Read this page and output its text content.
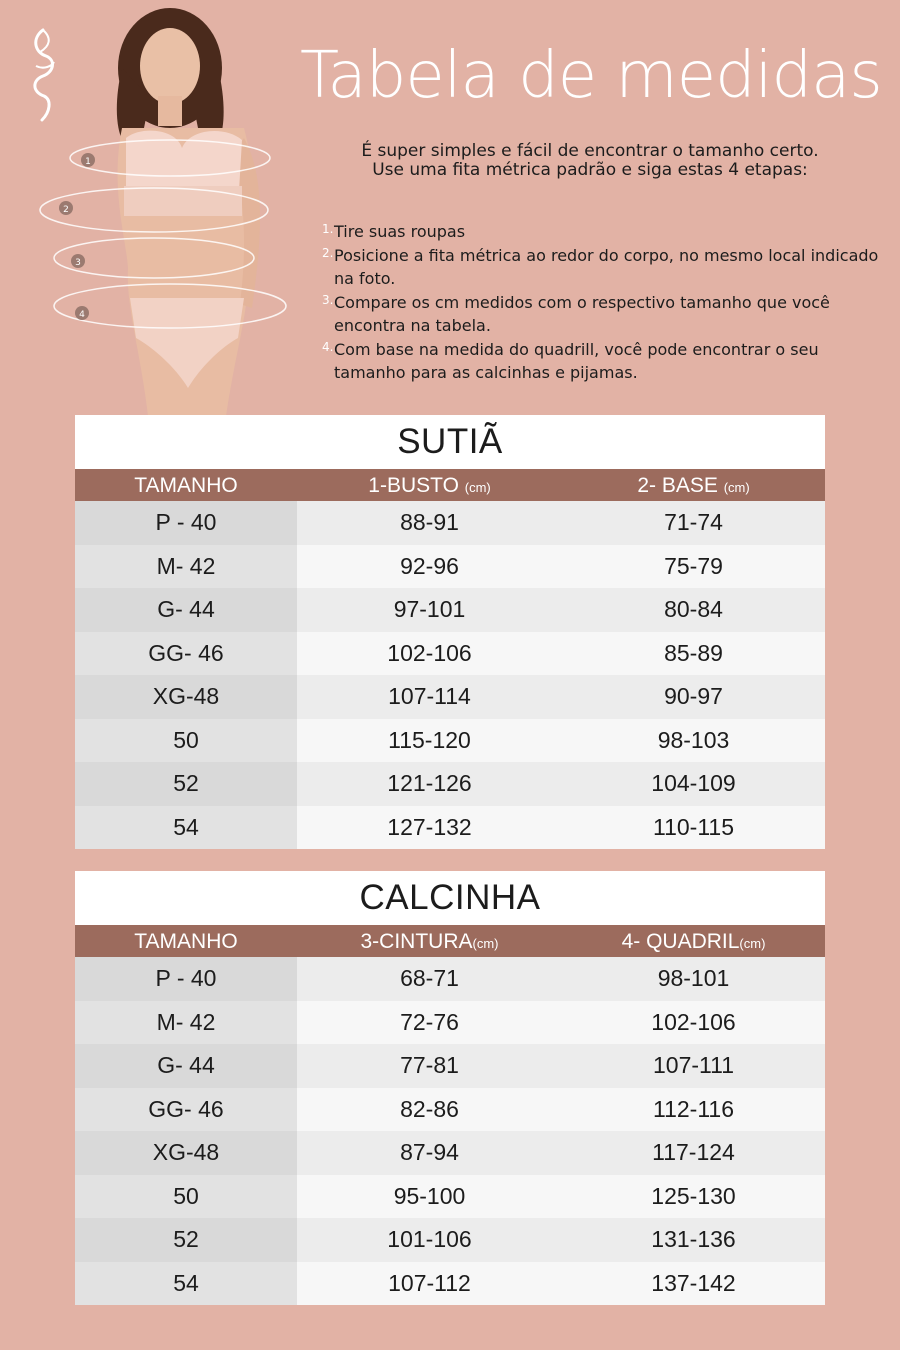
1
2
3
4
Tabela de medidas
É super simples e fácil de encontrar o tamanho certo.
Use uma fita métrica padrão e siga estas 4 etapas:

1. Tire suas roupas

2. Posicione a fita métrica ao redor do corpo, no mesmo local indicado na foto.

3. Compare os cm medidos com o respectivo tamanho que você encontra na tabela.

4. Com base na medida do quadrill, você pode encontrar o seu tamanho para as calcinhas e pijamas.

SUTIÃ
TAMANHO	1-BUSTO (cm)	2- BASE (cm)
P - 40	88-91	71-74
M- 42	92-96	75-79
G- 44	97-101	80-84
GG- 46	102-106	85-89
XG-48	107-114	90-97
50	115-120	98-103
52	121-126	104-109
54	127-132	110-115
CALCINHA
TAMANHO	3-CINTURA(cm)	4- QUADRIL(cm)
P - 40	68-71	98-101
M- 42	72-76	102-106
G- 44	77-81	107-111
GG- 46	82-86	112-116
XG-48	87-94	117-124
50	95-100	125-130
52	101-106	131-136
54	107-112	137-142
